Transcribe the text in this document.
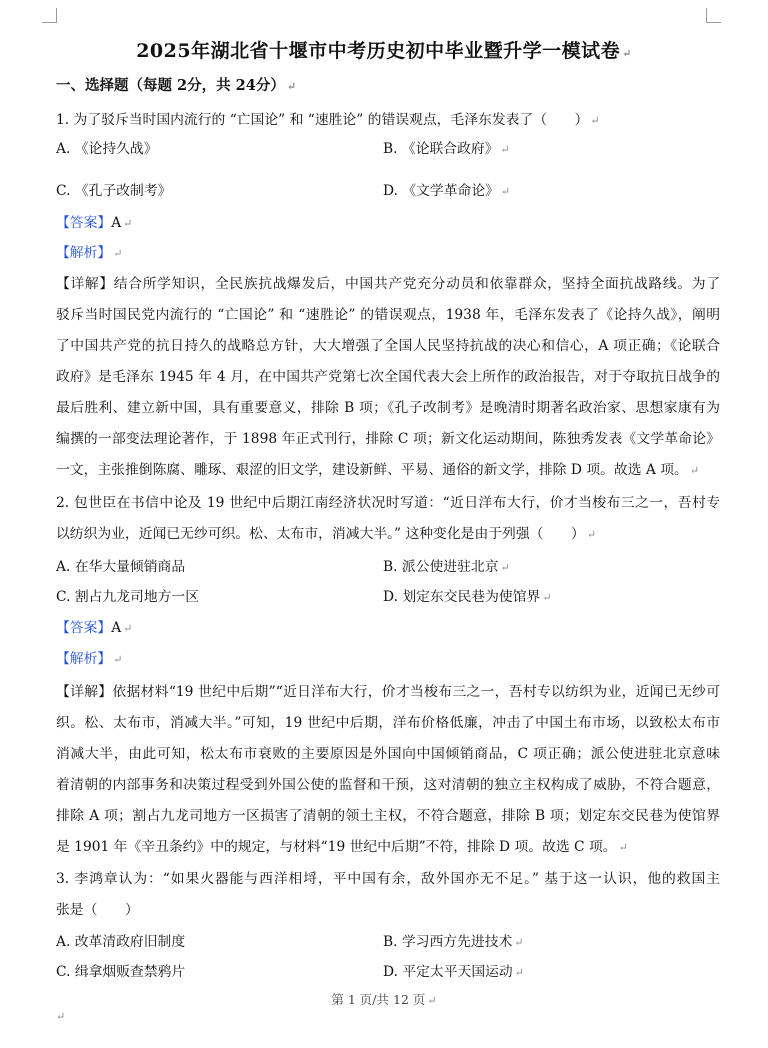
2025年湖北省十堰市中考历史初中毕业暨升学一模试卷 ↵
一、选择题（每题 2分，共 24分） ↵
1. 为了驳斥当时国内流行的 “亡国论” 和 “速胜论” 的错误观点，毛泽东发表了（　　） ↵
A. 《论持久战》	B. 《论联合政府》 ↵
C. 《孔子改制考》	D. 《文学革命论》 ↵
【答案】A ↵
【解析】 ↵
【详解】结合所学知识，全民族抗战爆发后，中国共产党充分动员和依靠群众，坚持全面抗战路线。为了
驳斥当时国民党内流行的 “亡国论” 和 “速胜论” 的错误观点，1938 年，毛泽东发表了《论持久战》，阐明
了中国共产党的抗日持久的战略总方针，大大增强了全国人民坚持抗战的决心和信心，A 项正确；《论联合
政府》是毛泽东 1945 年 4 月，在中国共产党第七次全国代表大会上所作的政治报告，对于夺取抗日战争的
最后胜利、建立新中国，具有重要意义，排除 B 项；《孔子改制考》是晚清时期著名政治家、思想家康有为
编撰的一部变法理论著作，于 1898 年正式刊行，排除 C 项；新文化运动期间，陈独秀发表《文学革命论》
一文，主张推倒陈腐、雕琢、艰涩的旧文学，建设新鲜、平易、通俗的新文学，排除 D 项。故选 A 项。 ↵
2. 包世臣在书信中论及 19 世纪中后期江南经济状况时写道：“近日洋布大行，价才当梭布三之一，吾村专
以纺织为业，近闻已无纱可织。松、太布市，消减大半。” 这种变化是由于列强（　　） ↵
A. 在华大量倾销商品	B. 派公使进驻北京 ↵
C. 割占九龙司地方一区	D. 划定东交民巷为使馆界 ↵
【答案】A ↵
【解析】 ↵
【详解】依据材料“19 世纪中后期”“近日洋布大行，价才当梭布三之一，吾村专以纺织为业，近闻已无纱可
织。松、太布市，消减大半。”可知，19 世纪中后期，洋布价格低廉，冲击了中国土布市场，以致松太布市
消减大半，由此可知，松太布市衰败的主要原因是外国向中国倾销商品，C 项正确；派公使进驻北京意味
着清朝的内部事务和决策过程受到外国公使的监督和干预，这对清朝的独立主权构成了威胁，不符合题意，
排除 A 项；割占九龙司地方一区损害了清朝的领土主权，不符合题意，排除 B 项；划定东交民巷为使馆界
是 1901 年《辛丑条约》中的规定，与材料“19 世纪中后期”不符，排除 D 项。故选 C 项。 ↵
3. 李鸿章认为：“如果火器能与西洋相埒，平中国有余，敌外国亦无不足。” 基于这一认识，他的救国主
张是（　　）
A. 改革清政府旧制度	B. 学习西方先进技术 ↵
C. 缉拿烟贩查禁鸦片	D. 平定太平天国运动 ↵
第 1 页/共 12 页 ↵
↵
